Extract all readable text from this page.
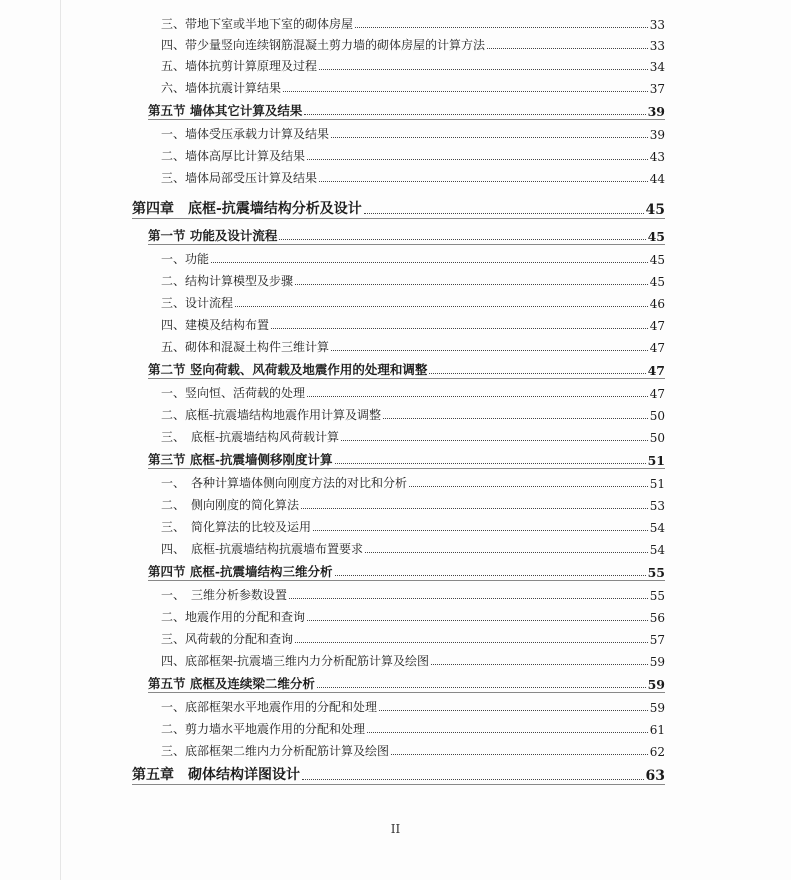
三、带地下室或半地下室的砌体房屋	33
四、带少量竖向连续钢筋混凝土剪力墙的砌体房屋的计算方法	33
五、墙体抗剪计算原理及过程	34
六、墙体抗震计算结果	37
第五节 墙体其它计算及结果	39
一、墙体受压承载力计算及结果	39
二、墙体高厚比计算及结果	43
三、墙体局部受压计算及结果	44
第四章　底框-抗震墙结构分析及设计	45
第一节 功能及设计流程	45
一、功能	45
二、结构计算模型及步骤	45
三、设计流程	46
四、建模及结构布置	47
五、砌体和混凝土构件三维计算	47
第二节 竖向荷载、风荷载及地震作用的处理和调整	47
一、竖向恒、活荷载的处理	47
二、底框-抗震墙结构地震作用计算及调整	50
三、　底框-抗震墙结构风荷载计算	50
第三节 底框-抗震墙侧移刚度计算	51
一、　各种计算墙体侧向刚度方法的对比和分析	51
二、　侧向刚度的简化算法	53
三、　简化算法的比较及运用	54
四、　底框-抗震墙结构抗震墙布置要求	54
第四节 底框-抗震墙结构三维分析	55
一、　三维分析参数设置	55
二、地震作用的分配和查询	56
三、风荷载的分配和查询	57
四、底部框架-抗震墙三维内力分析配筋计算及绘图	59
第五节 底框及连续梁二维分析	59
一、底部框架水平地震作用的分配和处理	59
二、剪力墙水平地震作用的分配和处理	61
三、底部框架二维内力分析配筋计算及绘图	62
第五章　砌体结构详图设计	63
II
